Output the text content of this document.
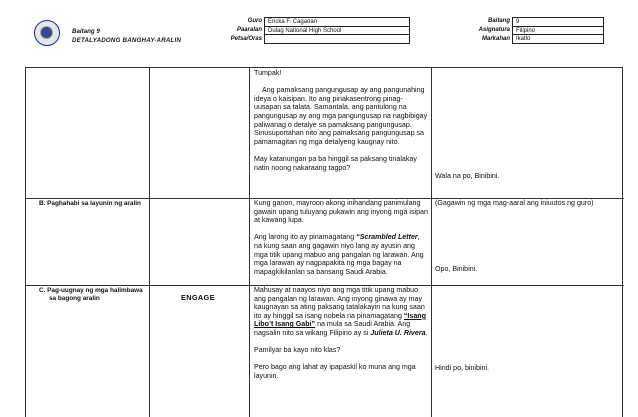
Baitang 9
DETALYADONG BANGHAY-ARALIN
Guro
Paaralan
Petsa/Oras
Ericka F. Cagaoan
Dulag National High School
Baitang
Asignatura
Markahan
9
Filipino
Ikatlo
Tumpak!
Ang pamaksang pangungusap ay ang pangunahing ideya o kaisipan. Ito ang pinakasentrong pinag-uusapan sa talata. Samantala, ang pantulong na pangungusap ay ang mga pangungusap na nagbibigay paliwanag o detalye sa pamaksang pangungusap. Sinusuportahan nito ang pamaksang pangungusap sa pamamagitan ng mga detalyeng kaugnay nito.
May katanungan pa ba hinggil sa paksang tinalakay natin noong nakaraang tagpo?
Wala na po, Binibini.
B. Paghahabi sa layunin ng aralin	Kung ganon, mayroon akong inihandang panimulang gawain upang tuluyang pukawin ang inyong mga isipan at kawang lupa.
Ang larong ito ay pinamagatang “Scrambled Letter, na kung saan ang gagawin niyo lang ay ayusin ang mga titik upang mabuo ang pangalan ng larawan. Ang mga larawan ay nagpapakita ng mga bagay na mapagkikilanlan sa bansang Saudi Arabia.
(Gagawin ng mga mag-aaral ang iniuutos ng guro)
Opo, Binibini.
C. Pag-uugnay ng mga halimbawa
sa bagong aralin	ENGAGE
Mahusay at naayos niyo ang mga titik upang mabuo ang pangalan ng larawan. Ang inyong ginawa ay may kaugnayan sa ating paksang tatalakayin na kung saan ito ay hinggil sa isang nobela na pinamagatang “Isang Libo’t Isang Gabi” na mula sa Saudi Arabia. Ang nagsalin nito sa wikang Filipino ay si Julieta U. Rivera.
Pamilyar ba kayo nito klas?
Pero bago ang lahat ay ipapaskil ko muna ang mga layunin.
Hindi po, binibini.
